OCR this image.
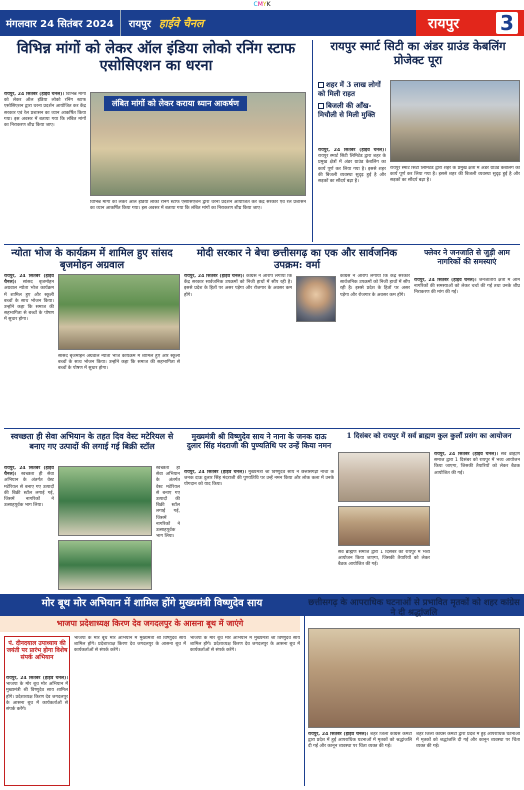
CMYK
मंगलवार 24 सितंबर 2024	रायपुर हाईवे चैनल	रायपुर 3
विभिन्न मांगों को लेकर ऑल इंडिया लोको रनिंग स्टाफ एसोसिएशन का धरना
लंबित मांगों को लेकर कराया ध्यान आकर्षण
रायपुर, 24 सितंबर (हाईवे चैनल)। विभिन्न मांगों को लेकर ऑल इंडिया लोको रनिंग स्टाफ एसोसिएशन द्वारा धरना प्रदर्शन आयोजित कर केंद्र सरकार एवं रेल प्रशासन का ध्यान आकर्षित किया गया। इस अवसर में बताया गया कि लंबित मांगों का निराकरण शीघ्र किया जाए।
विभिन्न मांगों को लेकर ऑल इंडिया लोको रनिंग स्टाफ एसोसिएशन द्वारा धरना प्रदर्शन आयोजित कर केंद्र सरकार एवं रेल प्रशासन का ध्यान आकर्षित किया गया। इस अवसर में बताया गया कि लंबित मांगों का निराकरण शीघ्र किया जाए।
रायपुर स्मार्ट सिटी का अंडर ग्राउंड केबलिंग प्रोजेक्ट पूरा
शहर में 3 लाख लोगों को मिली राहत
बिजली की आँख-मिचौली से मिली मुक्ति
रायपुर, 24 सितंबर (हाईवे चैनल)। रायपुर स्मार्ट सिटी लिमिटेड द्वारा शहर के प्रमुख क्षेत्रों में अंडर ग्राउंड केबलिंग का कार्य पूर्ण कर लिया गया है। इससे शहर की बिजली व्यवस्था सुदृढ़ हुई है और सड़कों का सौंदर्य बढ़ा है।
रायपुर स्मार्ट सिटी लिमिटेड द्वारा शहर के प्रमुख क्षेत्रों में अंडर ग्राउंड केबलिंग का कार्य पूर्ण कर लिया गया है। इससे शहर की बिजली व्यवस्था सुदृढ़ हुई है और सड़कों का सौंदर्य बढ़ा है।
न्योता भोज के कार्यक्रम में शामिल हुए सांसद बृजमोहन अग्रवाल
रायपुर, 24 सितंबर (हाईवे चैनल)। सांसद बृजमोहन अग्रवाल न्योता भोज कार्यक्रम में शामिल हुए और स्कूली बच्चों के साथ भोजन किया। उन्होंने कहा कि समाज की सहभागिता से बच्चों के पोषण में सुधार होगा।
सांसद बृजमोहन अग्रवाल न्योता भोज कार्यक्रम में शामिल हुए और स्कूली बच्चों के साथ भोजन किया। उन्होंने कहा कि समाज की सहभागिता से बच्चों के पोषण में सुधार होगा।
मोदी सरकार ने बेचा छत्तीसगढ़ का एक और सार्वजनिक उपक्रम: वर्मा
रायपुर, 24 सितंबर (हाईवे चैनल)। कांग्रेस ने आरोप लगाया कि केंद्र सरकार सार्वजनिक उपक्रमों को निजी हाथों में सौंप रही है। इससे प्रदेश के हितों पर असर पड़ेगा और रोजगार के अवसर कम होंगे।
कांग्रेस ने आरोप लगाया कि केंद्र सरकार सार्वजनिक उपक्रमों को निजी हाथों में सौंप रही है। इससे प्रदेश के हितों पर असर पड़ेगा और रोजगार के अवसर कम होंगे।
फ्लेवर ने जनजाति से जुड़ी आम नागरिकों की समस्याएं
रायपुर, 24 सितंबर (हाईवे चैनल)। जनजातीय क्षेत्रों में आम नागरिकों की समस्याओं को लेकर चर्चा की गई तथा उनके शीघ्र निराकरण की मांग की गई।
स्वच्छता ही सेवा अभियान के तहत दिव वेस्ट मटेरियल से बनाए गए उत्पादों की लगाई गई बिक्री स्टॉल
रायपुर, 24 सितंबर (हाईवे चैनल)। स्वच्छता ही सेवा अभियान के अंतर्गत वेस्ट मटेरियल से बनाए गए उत्पादों की बिक्री स्टॉल लगाई गई, जिसमें नागरिकों ने उत्साहपूर्वक भाग लिया।
स्वच्छता ही सेवा अभियान के अंतर्गत वेस्ट मटेरियल से बनाए गए उत्पादों की बिक्री स्टॉल लगाई गई, जिसमें नागरिकों ने उत्साहपूर्वक भाग लिया।
मुख्यमंत्री श्री विष्णुदेव साय ने नाना के जनक दाऊ दुलार सिंह मंदराजी की पुण्यतिथि पर उन्हें किया नमन
रायपुर, 24 सितंबर (हाईवे चैनल)। मुख्यमंत्री श्री विष्णुदेव साय ने छत्तीसगढ़ी नाचा के जनक दाऊ दुलार सिंह मंदराजी की पुण्यतिथि पर उन्हें नमन किया और लोक कला में उनके योगदान को याद किया।
1 दिसंबर को रायपुर में सर्व ब्राह्मण कुल कुलाँ प्रसंग का आयोजन
रायपुर, 24 सितंबर (हाईवे चैनल)। सर्व ब्राह्मण समाज द्वारा 1 दिसंबर को रायपुर में भव्य आयोजन किया जाएगा, जिसकी तैयारियों को लेकर बैठक आयोजित की गई।
सर्व ब्राह्मण समाज द्वारा 1 दिसंबर को रायपुर में भव्य आयोजन किया जाएगा, जिसकी तैयारियों को लेकर बैठक आयोजित की गई।
मोर बूथ मोर अभियान में शामिल होंगे मुख्यमंत्री विष्णुदेव साय
भाजपा प्रदेशाध्यक्ष किरण देव जगदलपुर के आसना बूथ में जाएंगे
पं. दीनदयाल उपाध्याय की जयंती पर प्रारंभ होगा विशेष संपर्क अभियान
रायपुर, 24 सितंबर (हाईवे चैनल)। भाजपा के मोर बूथ मोर अभियान में मुख्यमंत्री श्री विष्णुदेव साय शामिल होंगे। प्रदेशाध्यक्ष किरण देव जगदलपुर के आसना बूथ में कार्यकर्ताओं से संपर्क करेंगे।
भाजपा के मोर बूथ मोर अभियान में मुख्यमंत्री श्री विष्णुदेव साय शामिल होंगे। प्रदेशाध्यक्ष किरण देव जगदलपुर के आसना बूथ में कार्यकर्ताओं से संपर्क करेंगे।
भाजपा के मोर बूथ मोर अभियान में मुख्यमंत्री श्री विष्णुदेव साय शामिल होंगे। प्रदेशाध्यक्ष किरण देव जगदलपुर के आसना बूथ में कार्यकर्ताओं से संपर्क करेंगे।
छत्तीसगढ़ के आपराधिक घटनाओं से प्रभावित मृतकों को शहर कांग्रेस ने दी श्रद्धांजलि
रायपुर, 24 सितंबर (हाईवे चैनल)। शहर जिला कांग्रेस कमेटी द्वारा प्रदेश में हुई आपराधिक घटनाओं में मृतकों को श्रद्धांजलि दी गई और कानून व्यवस्था पर चिंता व्यक्त की गई।
शहर जिला कांग्रेस कमेटी द्वारा प्रदेश में हुई आपराधिक घटनाओं में मृतकों को श्रद्धांजलि दी गई और कानून व्यवस्था पर चिंता व्यक्त की गई।
